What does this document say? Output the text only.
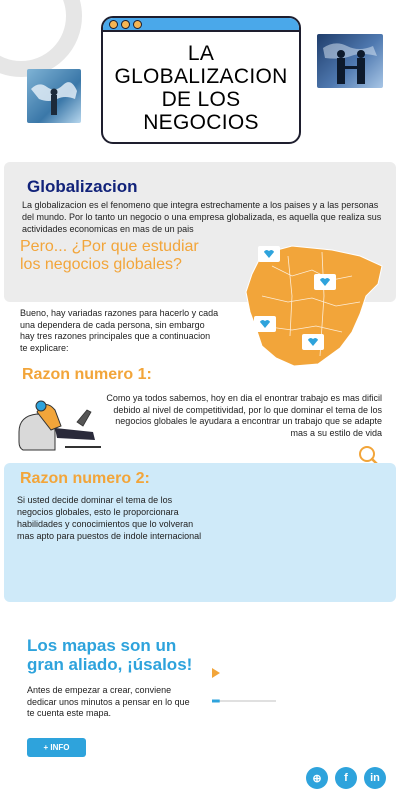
LA GLOBALIZACION DE LOS NEGOCIOS
Globalizacion
La globalizacion es el fenomeno que integra estrechamente a los paises y a las personas del mundo. Por lo tanto un negocio o una empresa globalizada, es aquella que realiza sus actividades economicas en mas de un pais
Pero... ¿Por que estudiar los negocios globales?
Bueno, hay variadas razones para hacerlo y cada una dependera de cada persona, sin embargo hay tres razones principales que a continuacion te explicare:
Razon numero 1:
Como ya todos sabemos, hoy en dia el enontrar trabajo es mas dificil debido al nivel de competitividad, por lo que dominar el tema de los negocios globales le ayudara a encontrar un trabajo que se adapte mas a su estilo de vida
Razon numero 2:
Si usted decide dominar el tema de los negocios globales, esto le proporcionara habilidades y conocimientos que lo volveran mas apto para puestos de indole internacional
Los mapas son un gran aliado, ¡úsalos!
Antes de empezar a crear, conviene dedicar unos minutos a pensar en lo que te cuenta este mapa.
+ INFO
⊕ f in
